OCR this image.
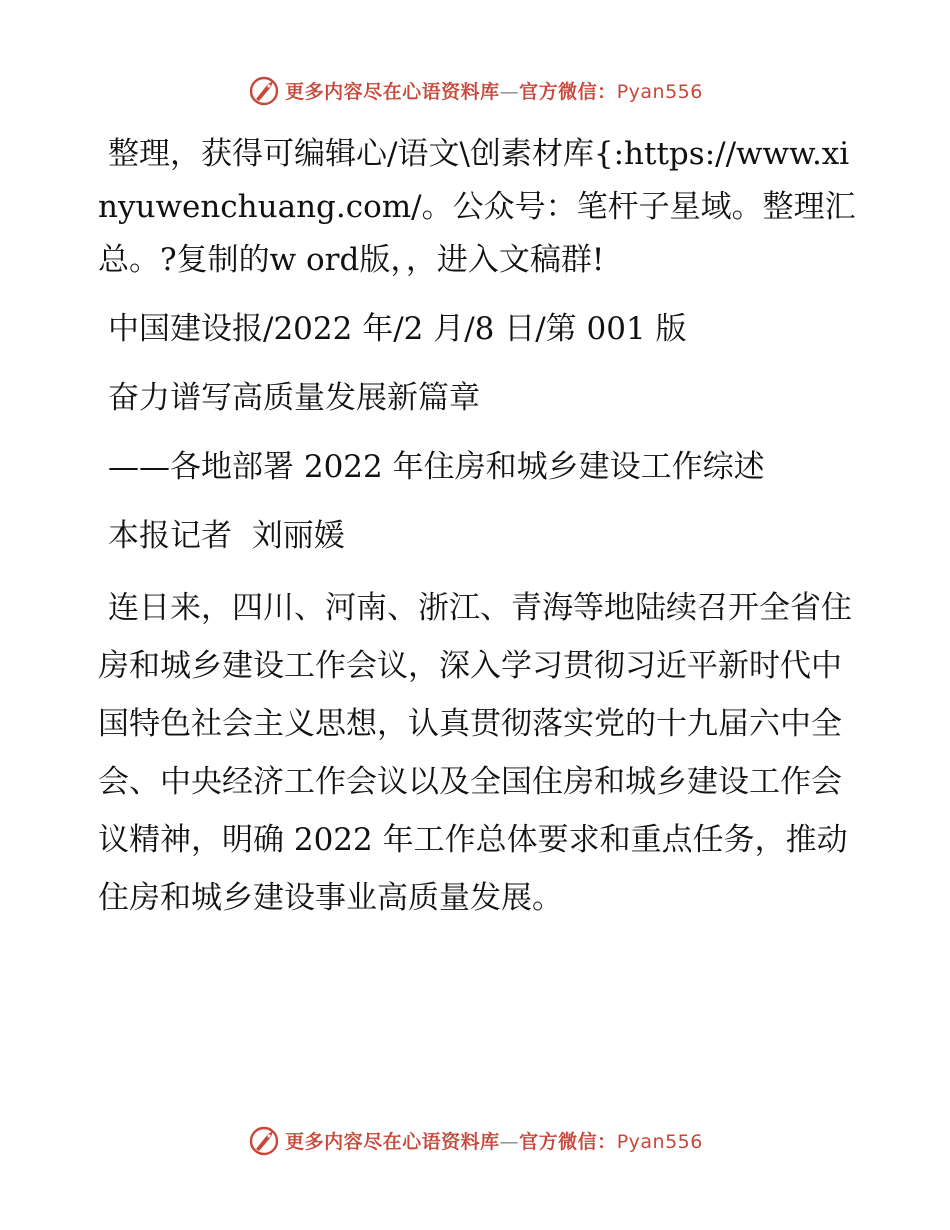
更多内容尽在心语资料库—官方微信：Pyan556

整理，获得可编辑心/语文\创素材库{:https://www.xinyuwenchuang.com/。公众号：笔杆子星域。整理汇总。?复制的w ord版，，进入文稿群!

中国建设报/2022 年/2 月/8 日/第 001 版

奋力谱写高质量发展新篇章

——各地部署 2022 年住房和城乡建设工作综述

本报记者  刘丽媛

连日来，四川、河南、浙江、青海等地陆续召开全省住房和城乡建设工作会议，深入学习贯彻习近平新时代中国特色社会主义思想，认真贯彻落实党的十九届六中全会、中央经济工作会议以及全国住房和城乡建设工作会议精神，明确 2022 年工作总体要求和重点任务，推动住房和城乡建设事业高质量发展。

更多内容尽在心语资料库—官方微信：Pyan556
